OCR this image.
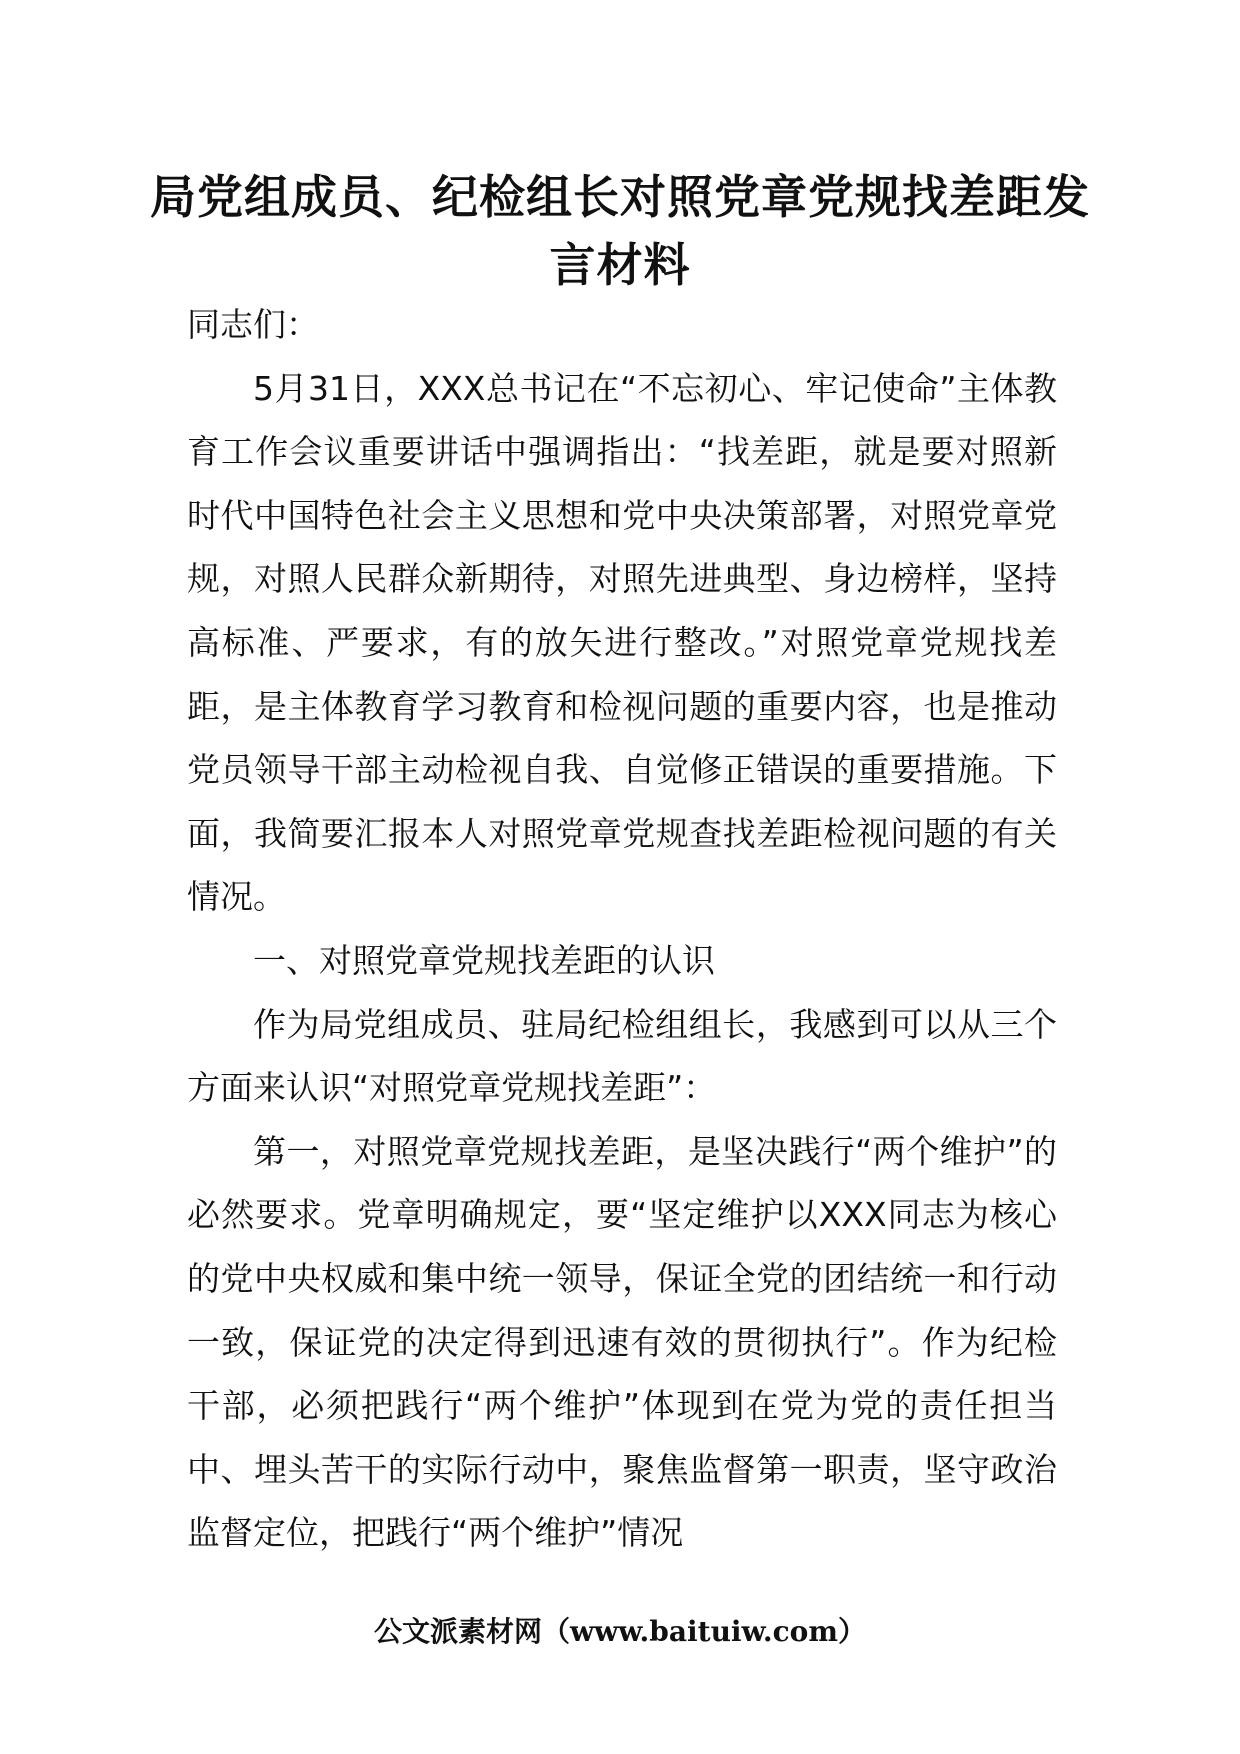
局党组成员、纪检组长对照党章党规找差距发言材料

同志们：

5月31日，XXX总书记在“不忘初心、牢记使命”主体教育工作会议重要讲话中强调指出：“找差距，就是要对照新时代中国特色社会主义思想和党中央决策部署，对照党章党规，对照人民群众新期待，对照先进典型、身边榜样，坚持高标准、严要求，有的放矢进行整改。”对照党章党规找差距，是主体教育学习教育和检视问题的重要内容，也是推动党员领导干部主动检视自我、自觉修正错误的重要措施。下面，我简要汇报本人对照党章党规查找差距检视问题的有关情况。

一、对照党章党规找差距的认识

作为局党组成员、驻局纪检组组长，我感到可以从三个方面来认识“对照党章党规找差距”：

第一，对照党章党规找差距，是坚决践行“两个维护”的必然要求。党章明确规定，要“坚定维护以XXX同志为核心的党中央权威和集中统一领导，保证全党的团结统一和行动一致，保证党的决定得到迅速有效的贯彻执行”。作为纪检干部，必须把践行“两个维护”体现到在党为党的责任担当中、埋头苦干的实际行动中，聚焦监督第一职责，坚守政治监督定位，把践行“两个维护”情况

公文派素材网（www.baituiw.com）
